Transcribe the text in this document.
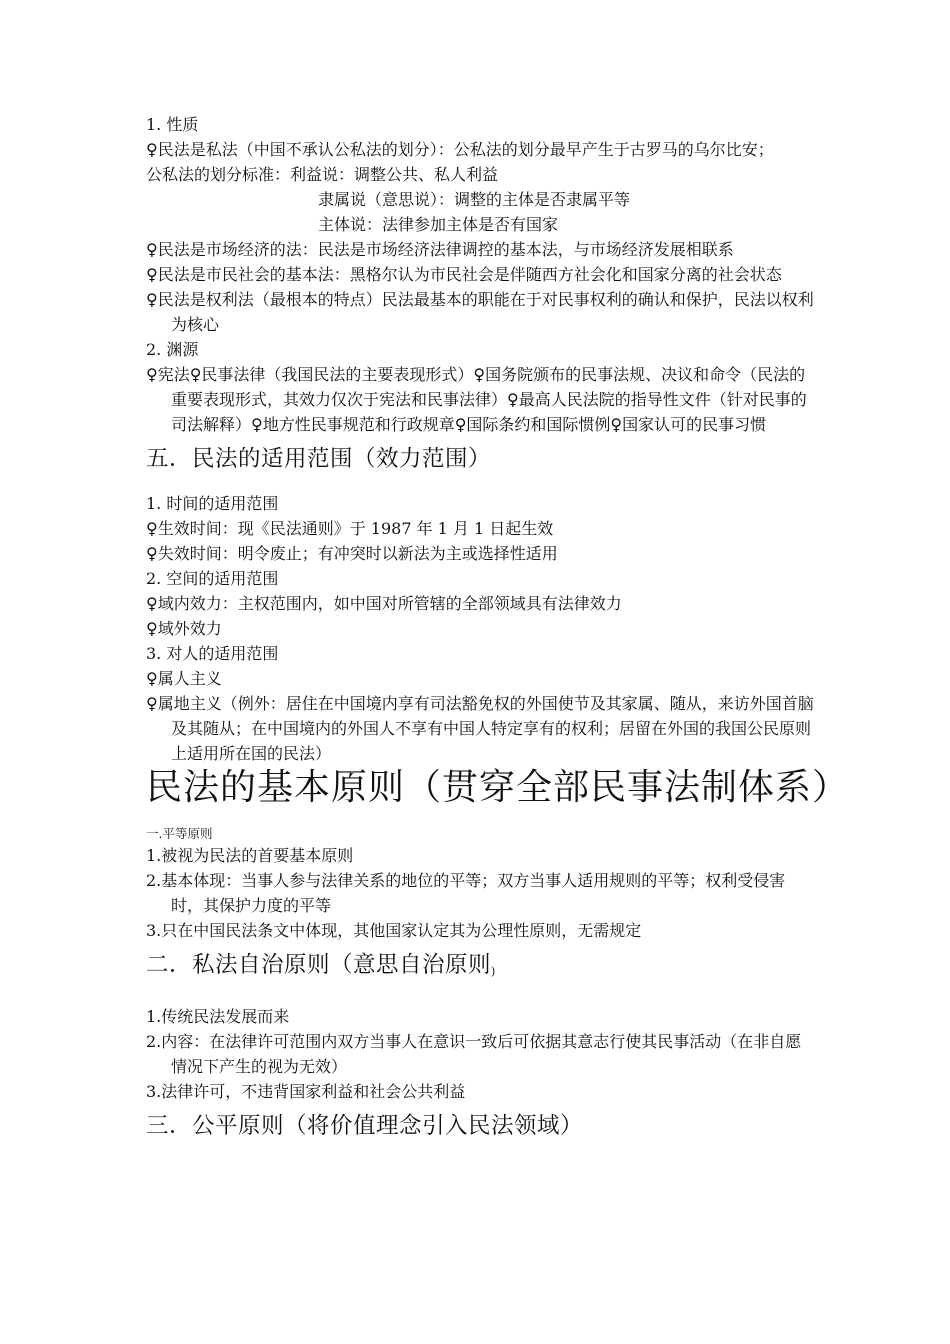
1. 性质
♀民法是私法（中国不承认公私法的划分）：公私法的划分最早产生于古罗马的乌尔比安；
公私法的划分标准：利益说：调整公共、私人利益
隶属说（意思说）：调整的主体是否隶属平等
主体说：法律参加主体是否有国家
♀民法是市场经济的法：民法是市场经济法律调控的基本法，与市场经济发展相联系
♀民法是市民社会的基本法：黑格尔认为市民社会是伴随西方社会化和国家分离的社会状态
♀民法是权利法（最根本的特点）民法最基本的职能在于对民事权利的确认和保护，民法以权利为核心
2. 渊源
♀宪法♀民事法律（我国民法的主要表现形式）♀国务院颁布的民事法规、决议和命令（民法的重要表现形式，其效力仅次于宪法和民事法律）♀最高人民法院的指导性文件（针对民事的司法解释）♀地方性民事规范和行政规章♀国际条约和国际惯例♀国家认可的民事习惯
五．民法的适用范围（效力范围）
1. 时间的适用范围
♀生效时间：现《民法通则》于 1987 年 1 月 1 日起生效
♀失效时间：明令废止；有冲突时以新法为主或选择性适用
2. 空间的适用范围
♀域内效力：主权范围内，如中国对所管辖的全部领域具有法律效力
♀域外效力
3. 对人的适用范围
♀属人主义
♀属地主义（例外：居住在中国境内享有司法豁免权的外国使节及其家属、随从，来访外国首脑及其随从；在中国境内的外国人不享有中国人特定享有的权利；居留在外国的我国公民原则上适用所在国的民法）
民法的基本原则（贯穿全部民事法制体系）
一.平等原则
1.被视为民法的首要基本原则
2.基本体现：当事人参与法律关系的地位的平等；双方当事人适用规则的平等；权利受侵害时，其保护力度的平等
3.只在中国民法条文中体现，其他国家认定其为公理性原则，无需规定
二．私法自治原则（意思自治原则$_)$
1.传统民法发展而来
2.内容：在法律许可范围内双方当事人在意识一致后可依据其意志行使其民事活动（在非自愿情况下产生的视为无效）
3.法律许可，不违背国家利益和社会公共利益
三．公平原则（将价值理念引入民法领域）
